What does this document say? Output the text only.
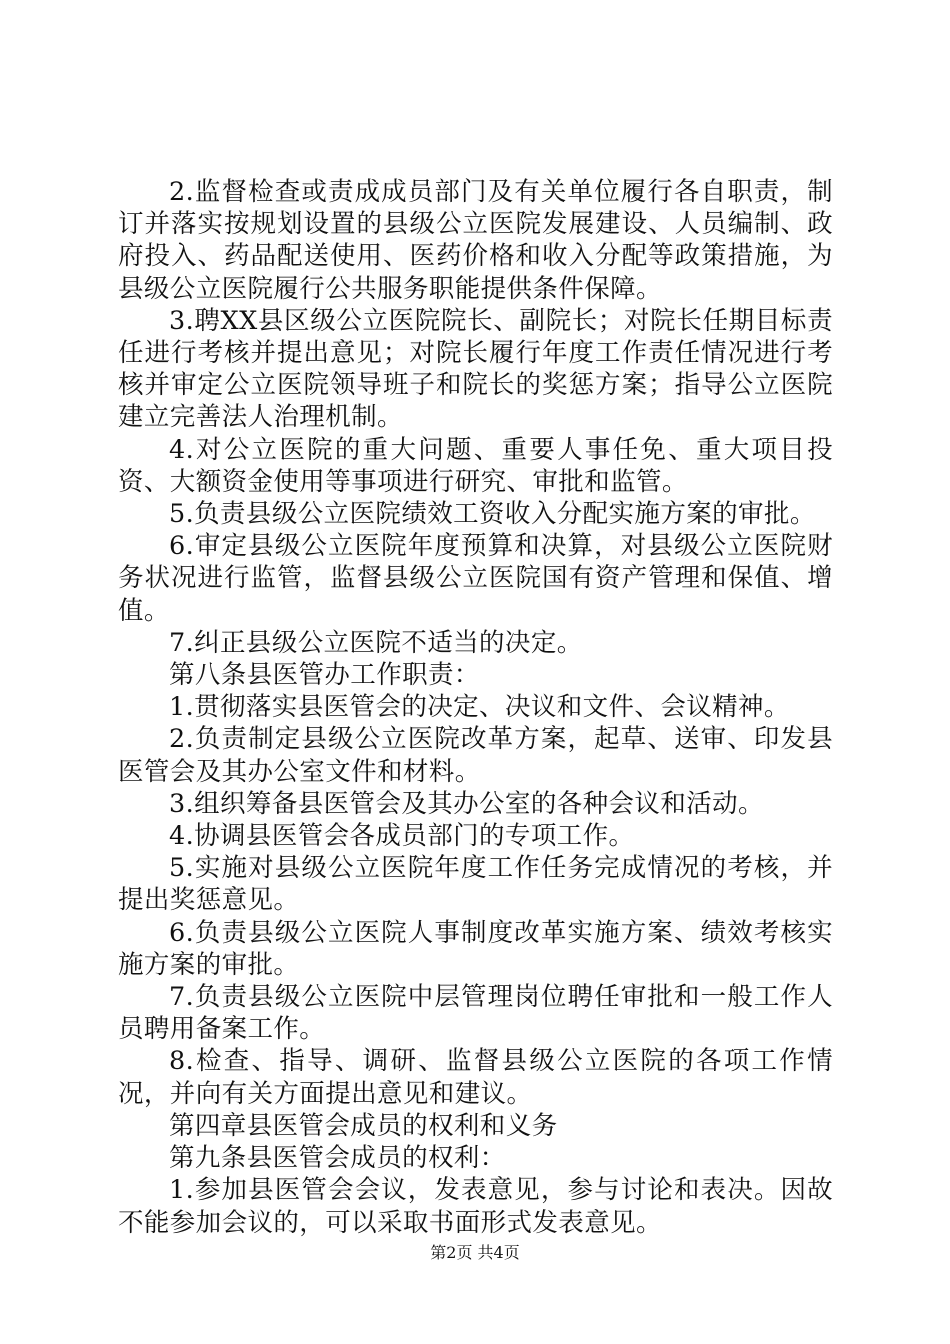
2.监督检查或责成成员部门及有关单位履行各自职责，制订并落实按规划设置的县级公立医院发展建设、人员编制、政府投入、药品配送使用、医药价格和收入分配等政策措施，为县级公立医院履行公共服务职能提供条件保障。

3.聘XX县区级公立医院院长、副院长；对院长任期目标责任进行考核并提出意见；对院长履行年度工作责任情况进行考核并审定公立医院领导班子和院长的奖惩方案；指导公立医院建立完善法人治理机制。

4.对公立医院的重大问题、重要人事任免、重大项目投资、大额资金使用等事项进行研究、审批和监管。

5.负责县级公立医院绩效工资收入分配实施方案的审批。

6.审定县级公立医院年度预算和决算，对县级公立医院财务状况进行监管，监督县级公立医院国有资产管理和保值、增值。

7.纠正县级公立医院不适当的决定。

第八条县医管办工作职责：

1.贯彻落实县医管会的决定、决议和文件、会议精神。

2.负责制定县级公立医院改革方案，起草、送审、印发县医管会及其办公室文件和材料。

3.组织筹备县医管会及其办公室的各种会议和活动。

4.协调县医管会各成员部门的专项工作。

5.实施对县级公立医院年度工作任务完成情况的考核，并提出奖惩意见。

6.负责县级公立医院人事制度改革实施方案、绩效考核实施方案的审批。

7.负责县级公立医院中层管理岗位聘任审批和一般工作人员聘用备案工作。

8.检查、指导、调研、监督县级公立医院的各项工作情况，并向有关方面提出意见和建议。

第四章县医管会成员的权利和义务

第九条县医管会成员的权利：

1.参加县医管会会议，发表意见，参与讨论和表决。因故不能参加会议的，可以采取书面形式发表意见。

第2页 共4页
